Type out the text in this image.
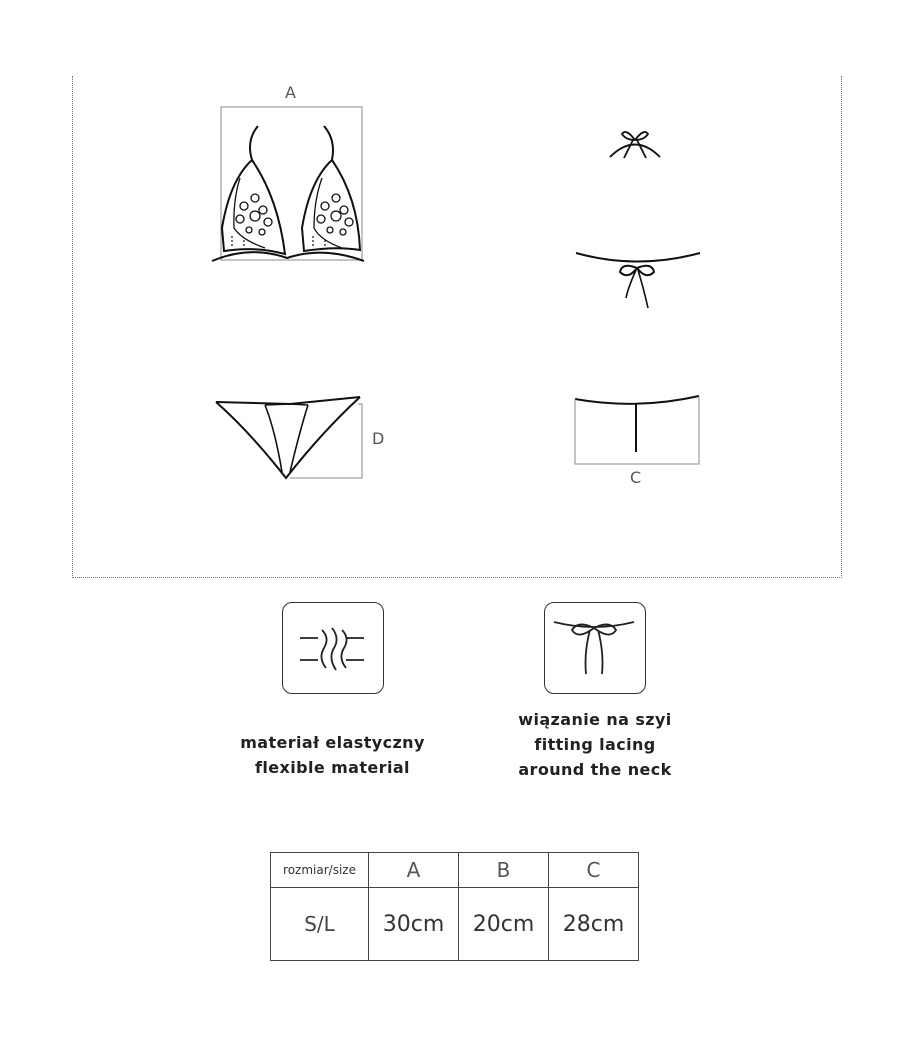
A
D
C
materiał elastyczny
flexible material
wiązanie na szyi
fitting lacing
around the neck
rozmiar/size	A	B	C
S/L	30cm	20cm	28cm
